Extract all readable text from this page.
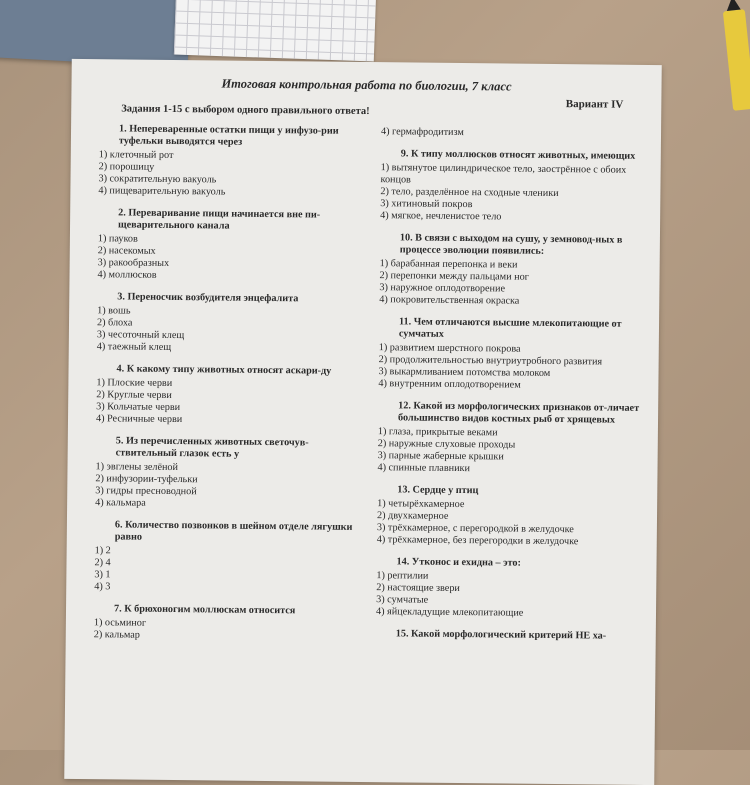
Итоговая контрольная работа по биологии, 7 класс
Вариант IV
Задания 1-15 с выбором одного правильного ответа!
1. Непереваренные остатки пищи у инфузо-рии туфельки выводятся через
1) клеточный рот
2) порошицу
3) сократительную вакуоль
4) пищеварительную вакуоль
2. Переваривание пищи начинается вне пи-щеварительного канала
1) пауков
2) насекомых
3) ракообразных
4) моллюсков
3. Переносчик возбудителя энцефалита
1) вошь
2) блоха
3) чесоточный клещ
4) таежный клещ
4. К какому типу животных относят аскари-ду
1) Плоские черви
2) Круглые черви
3) Кольчатые черви
4) Ресничные черви
5. Из перечисленных животных светочув-ствительный глазок есть у
1) эвглены зелёной
2) инфузории-туфельки
3) гидры пресноводной
4) кальмара
6. Количество позвонков в шейном отделе лягушки равно
1) 2
2) 4
3) 1
4) 3
7. К брюхоногим моллюскам относится
1) осьминог
2) кальмар
4) гермафродитизм
9. К типу моллюсков относят животных, имеющих
1) вытянутое цилиндрическое тело, заострённое с обоих концов
2) тело, разделённое на сходные членики
3) хитиновый покров
4) мягкое, нечленистое тело
10. В связи с выходом на сушу, у земновод-ных в процессе эволюции появились:
1) барабанная перепонка и веки
2) перепонки между пальцами ног
3) наружное оплодотворение
4) покровительственная окраска
11. Чем отличаются высшие млекопитающие от сумчатых
1) развитием шерстного покрова
2) продолжительностью внутриутробного развития
3) выкармливанием потомства молоком
4) внутренним оплодотворением
12. Какой из морфологических признаков от-личает большинство видов костных рыб от хрящевых
1) глаза, прикрытые веками
2) наружные слуховые проходы
3) парные жаберные крышки
4) спинные плавники
13. Сердце у птиц
1) четырёхкамерное
2) двухкамерное
3) трёхкамерное, с перегородкой в желудочке
4) трёхкамерное, без перегородки в желудочке
14. Утконос и ехидна – это:
1) рептилии
2) настоящие звери
3) сумчатые
4) яйцекладущие млекопитающие
15. Какой морфологический критерий НЕ ха-
